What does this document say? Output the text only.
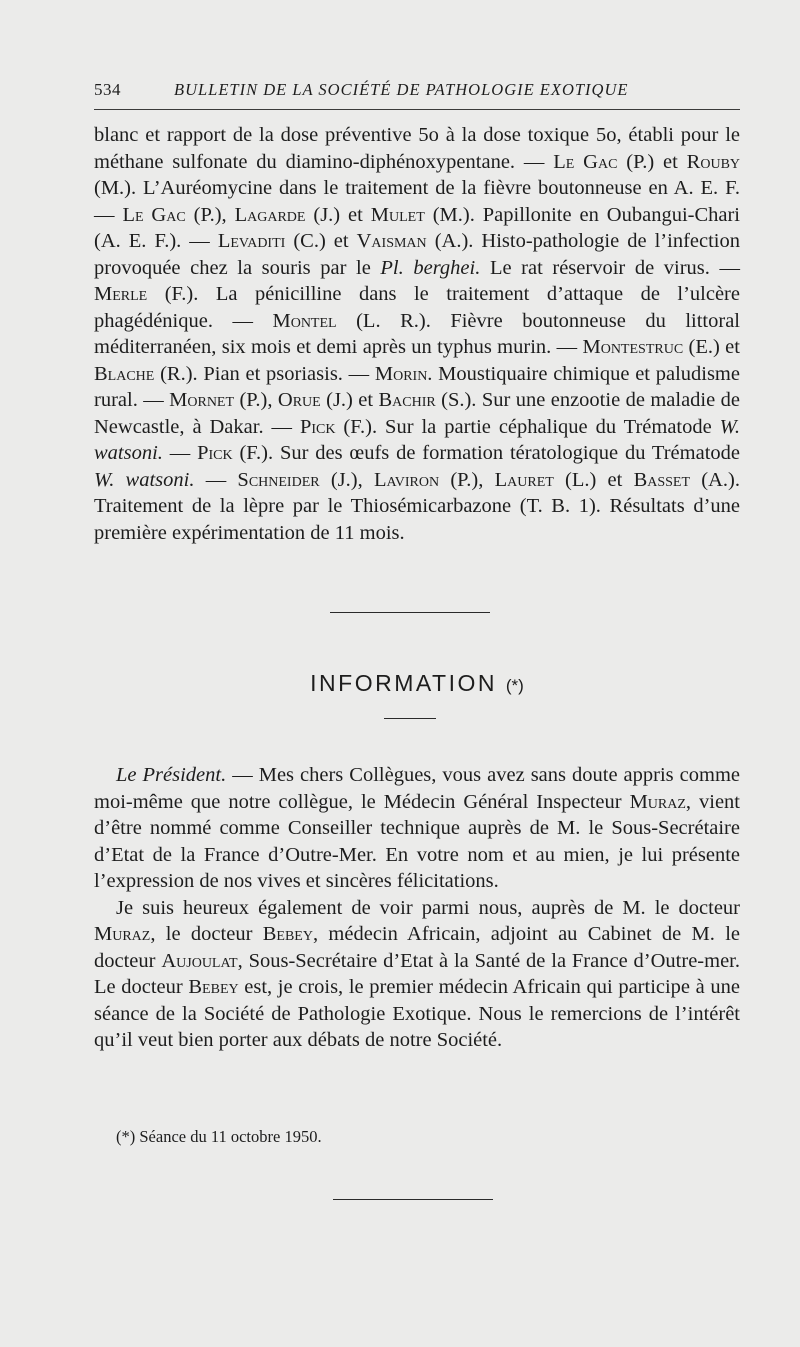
534	BULLETIN DE LA SOCIÉTÉ DE PATHOLOGIE EXOTIQUE

blanc et rapport de la dose préventive 5o à la dose toxique 5o, établi pour le méthane sulfonate du diamino-diphénoxypentane. — Le Gac (P.) et Rouby (M.). L’Auréomycine dans le traitement de la fièvre boutonneuse en A. E. F. — Le Gac (P.), Lagarde (J.) et Mulet (M.). Papillonite en Oubangui-Chari (A. E. F.). — Levaditi (C.) et Vaisman (A.). Histo-pathologie de l’infection provoquée chez la souris par le Pl. berghei. Le rat réservoir de virus. — Merle (F.). La pénicilline dans le traitement d’attaque de l’ulcère phagédénique. — Montel (L. R.). Fièvre boutonneuse du littoral méditerranéen, six mois et demi après un typhus murin. — Montestruc (E.) et Blache (R.). Pian et psoriasis. — Morin. Moustiquaire chimique et paludisme rural. — Mornet (P.), Orue (J.) et Bachir (S.). Sur une enzootie de maladie de Newcastle, à Dakar. — Pick (F.). Sur la partie céphalique du Trématode W. watsoni. — Pick (F.). Sur des œufs de formation tératologique du Trématode W. watsoni. — Schneider (J.), Laviron (P.), Lauret (L.) et Basset (A.). Traitement de la lèpre par le Thiosémicarbazone (T. B. 1). Résultats d’une première expérimentation de 11 mois.

INFORMATION (*)

Le Président. — Mes chers Collègues, vous avez sans doute appris comme moi-même que notre collègue, le Médecin Général Inspecteur Muraz, vient d’être nommé comme Conseiller technique auprès de M. le Sous-Secrétaire d’Etat de la France d’Outre-Mer. En votre nom et au mien, je lui présente l’expression de nos vives et sincères félicitations.

Je suis heureux également de voir parmi nous, auprès de M. le docteur Muraz, le docteur Bebey, médecin Africain, adjoint au Cabinet de M. le docteur Aujoulat, Sous-Secrétaire d’Etat à la Santé de la France d’Outre-mer. Le docteur Bebey est, je crois, le premier médecin Africain qui participe à une séance de la Société de Pathologie Exotique. Nous le remercions de l’intérêt qu’il veut bien porter aux débats de notre Société.

(*) Séance du 11 octobre 1950.
